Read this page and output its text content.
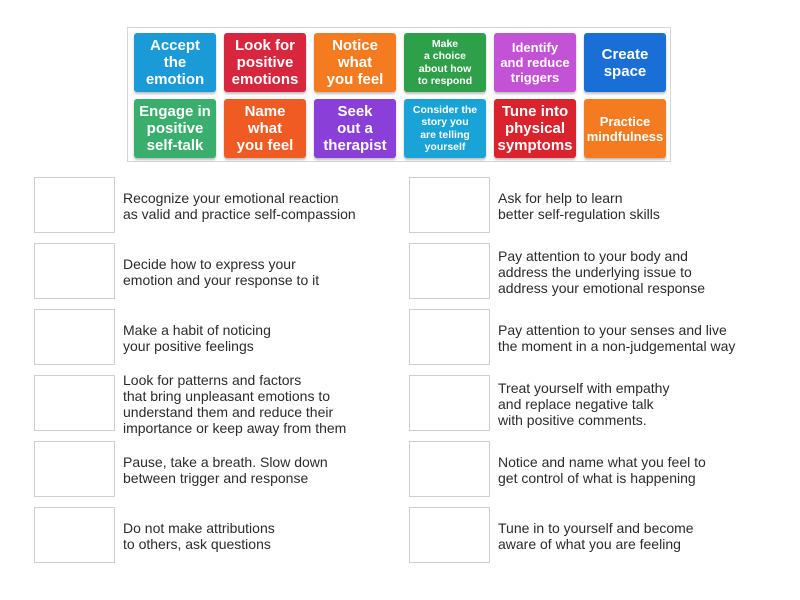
Accept
the
emotion
Look for
positive
emotions
Notice
what
you feel
Make
a choice
about how
to respond
Identify
and reduce
triggers
Create
space
Engage in
positive
self-talk
Name
what
you feel
Seek
out a
therapist
Consider the
story you
are telling
yourself
Tune into
physical
symptoms
Practice
mindfulness
Recognize your emotional reaction
as valid and practice self-compassion
Decide how to express your
emotion and your response to it
Make a habit of noticing
your positive feelings
Look for patterns and factors
that bring unpleasant emotions to
understand them and reduce their
importance or keep away from them
Pause, take a breath. Slow down
between trigger and response
Do not make attributions
to others, ask questions
Ask for help to learn
better self-regulation skills
Pay attention to your body and
address the underlying issue to
address your emotional response
Pay attention to your senses and live
the moment in a non-judgemental way
Treat yourself with empathy
and replace negative talk
with positive comments.
Notice and name what you feel to
get control of what is happening
Tune in to yourself and become
aware of what you are feeling
